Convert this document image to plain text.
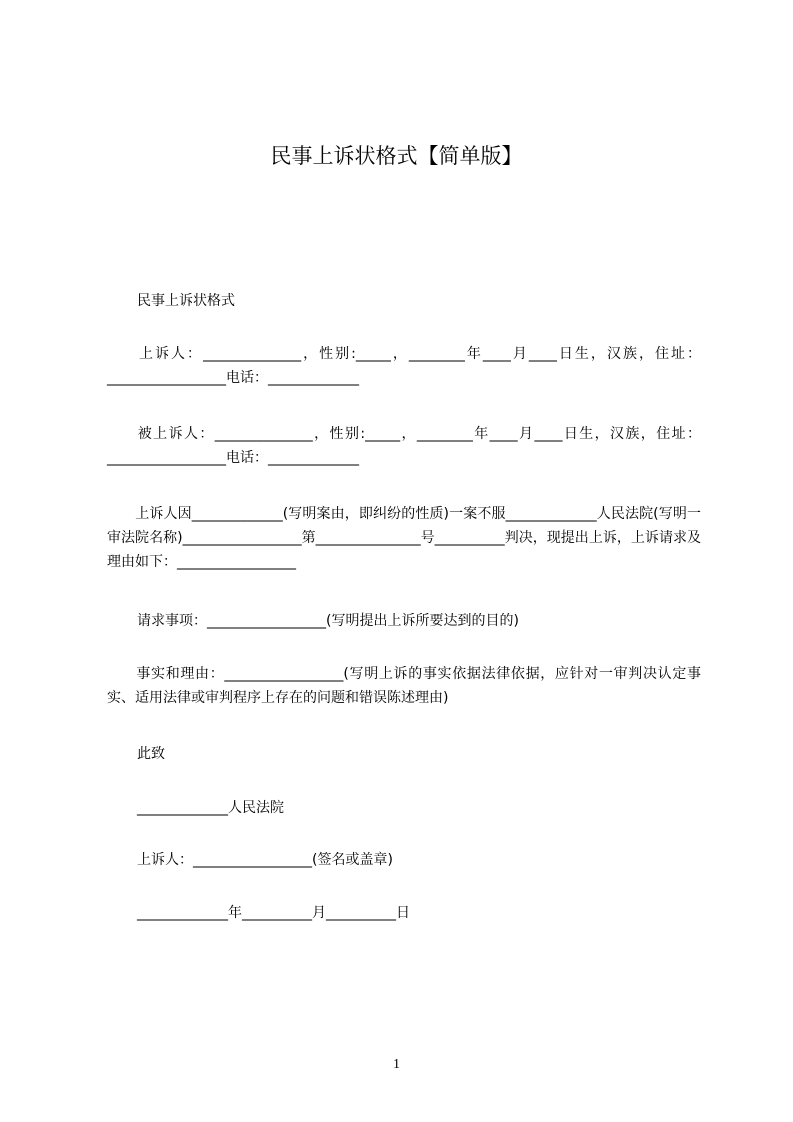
民事上诉状格式【简单版】
民事上诉状格式
　　上诉人：______________，性别:_____，________年____月____日生，汉族，住址：_________________电话：_____________
　　被上诉人：______________，性别:_____，________年____月____日生，汉族，住址：_________________电话：_____________
　　上诉人因_____________(写明案由，即纠纷的性质)一案不服_____________人民法院(写明一审法院名称)_________________第_______________号__________判决，现提出上诉，上诉请求及理由如下：_________________
请求事项：_________________(写明提出上诉所要达到的目的)
　　事实和理由：_________________(写明上诉的事实依据法律依据，应针对一审判决认定事实、适用法律或审判程序上存在的问题和错误陈述理由)
此致
_____________人民法院
上诉人：_________________(签名或盖章)
_____________年__________月__________日
1
